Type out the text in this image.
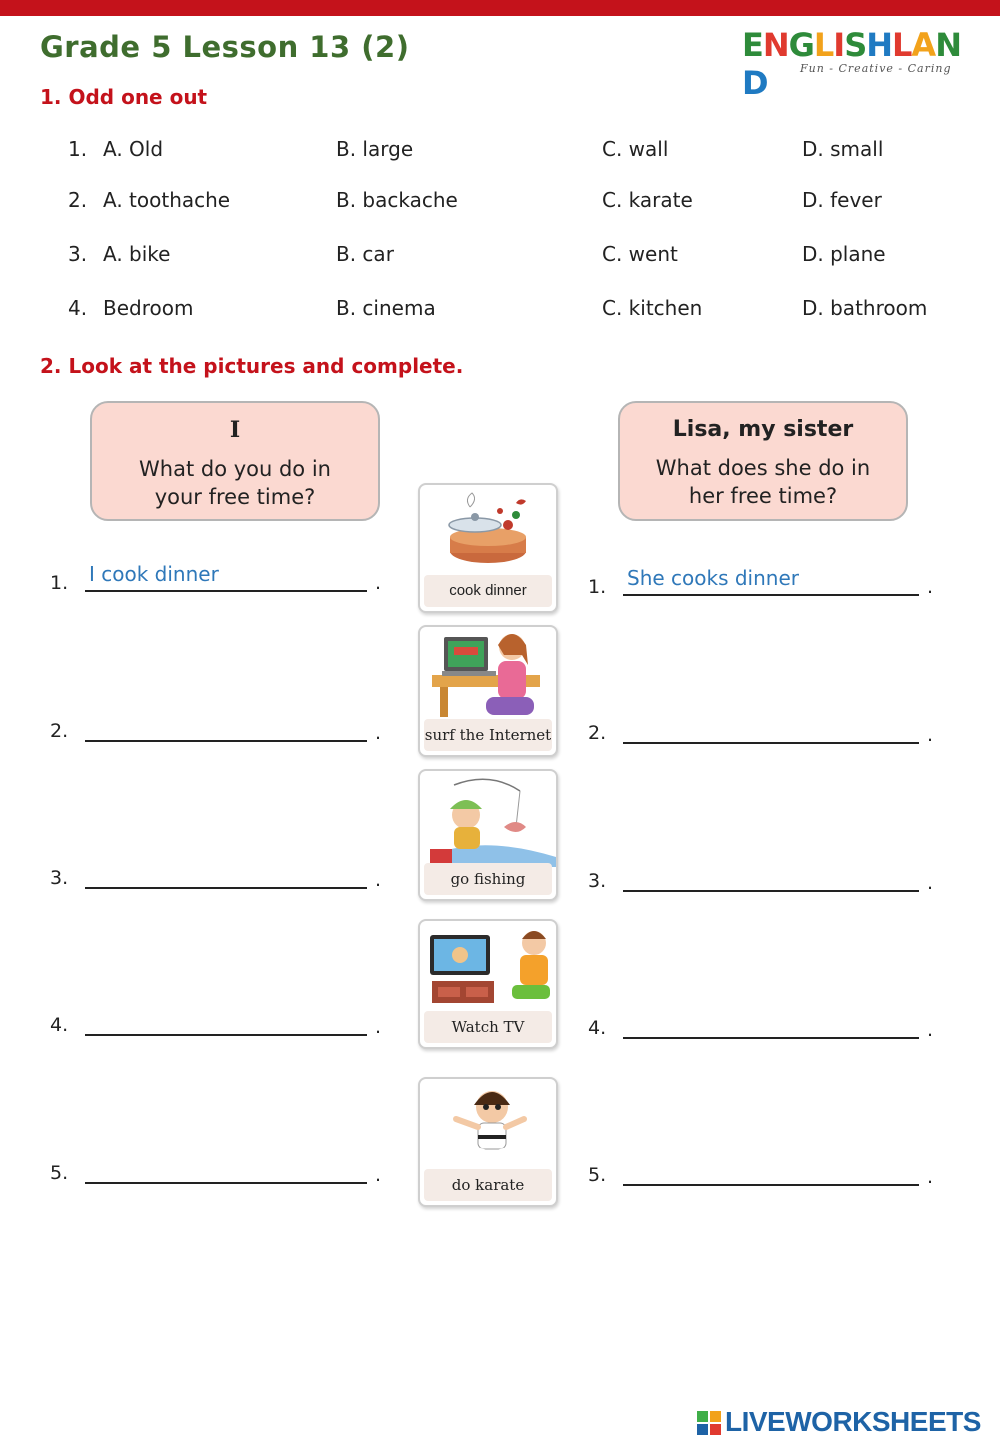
Grade 5 Lesson 13 (2)	ENGLISHLAND	Fun - Creative - Caring
1. Odd one out
1. A. Old	B. large	C. wall	D. small
2. A. toothache	B. backache	C. karate	D. fever
3. A. bike	B. car	C. went	D. plane
4. Bedroom	B. cinema	C. kitchen	D. bathroom
2. Look at the pictures and complete.
I
What do you do in
your free time?
Lisa, my sister
What does she do in
her free time?
1. I cook dinner	.
2.	.
3.	.
4.	.
5.	.
1. She cooks dinner	.
2.	.
3.	.
4.	.
5.	.
cook dinner
surf the Internet
go fishing
Watch TV
do karate
LIVEWORKSHEETS
